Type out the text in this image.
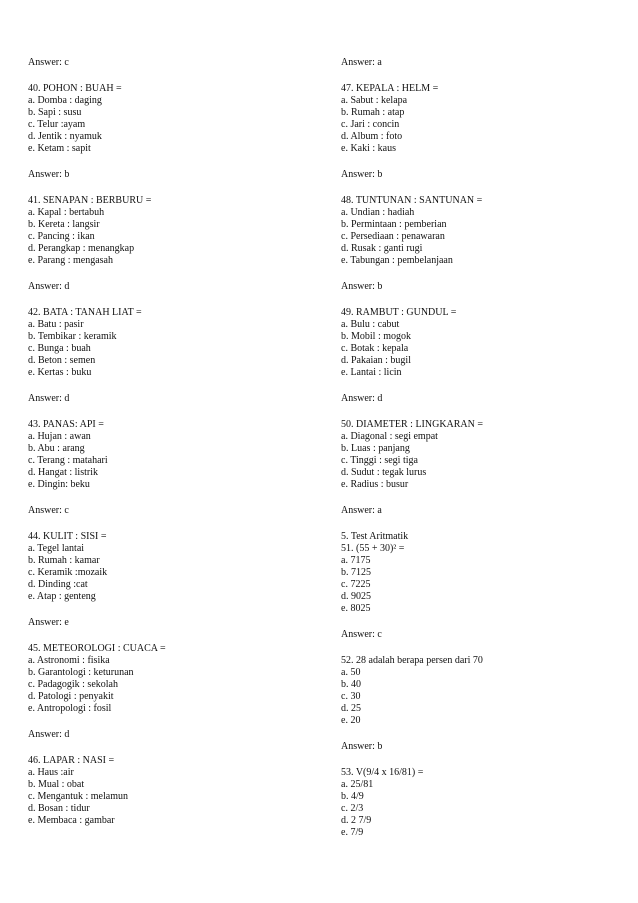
Answer: c
40. POHON : BUAH =
a. Domba : daging
b. Sapi : susu
c. Telur :ayam
d. Jentik : nyamuk
e. Ketam : sapit
Answer: b
41. SENAPAN : BERBURU =
a. Kapal : bertabuh
b. Kereta : langsir
c. Pancing : ikan
d. Perangkap : menangkap
e. Parang : mengasah
Answer: d
42. BATA : TANAH LIAT =
a. Batu : pasir
b. Tembikar : keramik
c. Bunga : buah
d. Beton : semen
e. Kertas : buku
Answer: d
43. PANAS: API =
a. Hujan : awan
b. Abu : arang
c. Terang : matahari
d. Hangat : listrik
e. Dingin: beku
Answer: c
44. KULIT : SISI =
a. Tegel lantai
b. Rumah : kamar
c. Keramik :mozaik
d. Dinding :cat
e. Atap : genteng
Answer: e
45. METEOROLOGI : CUACA =
a. Astronomi : fisika
b. Garantologi : keturunan
c. Padagogik : sekolah
d. Patologi : penyakit
e. Antropologi : fosil
Answer: d
46. LAPAR : NASI =
a. Haus :air
b. Mual : obat
c. Mengantuk : melamun
d. Bosan : tidur
e. Membaca : gambar
Answer: a
47. KEPALA : HELM =
a. Sabut : kelapa
b. Rumah : atap
c. Jari : concin
d. Album : foto
e. Kaki : kaus
Answer: b
48. TUNTUNAN : SANTUNAN =
a. Undian : hadiah
b. Permintaan : pemberian
c. Persediaan : penawaran
d. Rusak : ganti rugi
e. Tabungan : pembelanjaan
Answer: b
49. RAMBUT : GUNDUL =
a. Bulu : cabut
b. Mobil : mogok
c. Botak : kepala
d. Pakaian : bugil
e. Lantai : licin
Answer: d
50. DIAMETER : LINGKARAN =
a. Diagonal : segi empat
b. Luas : panjang
c. Tinggi : segi tiga
d. Sudut : tegak lurus
e. Radius : busur
Answer: a
5. Test Aritmatik
51. (55 + 30)² =
a. 7175
b. 7125
c. 7225
d. 9025
e. 8025
Answer: c
52. 28 adalah berapa persen dari 70
a. 50
b. 40
c. 30
d. 25
e. 20
Answer: b
53. V(9/4 x 16/81) =
a. 25/81
b. 4/9
c. 2/3
d. 2 7/9
e. 7/9
